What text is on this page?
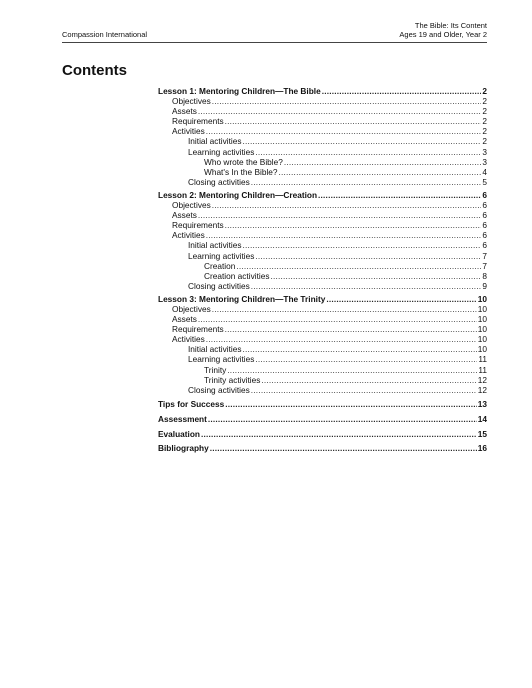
Compassion International
The Bible: Its Content
Ages 19 and Older, Year 2
Contents
Lesson 1: Mentoring Children—The Bible .....	2
Objectives .....	2
Assets .....	2
Requirements .....	2
Activities .....	2
Initial activities .....	2
Learning activities .....	3
Who wrote the Bible? .....	3
What's In the Bible? .....	4
Closing activities .....	5
Lesson 2: Mentoring Children—Creation .....	6
Objectives .....	6
Assets .....	6
Requirements .....	6
Activities .....	6
Initial activities .....	6
Learning activities .....	7
Creation .....	7
Creation activities .....	8
Closing activities .....	9
Lesson 3: Mentoring Children—The Trinity .....	10
Objectives .....	10
Assets .....	10
Requirements .....	10
Activities .....	10
Initial activities .....	10
Learning activities .....	11
Trinity .....	11
Trinity activities .....	12
Closing activities .....	12
Tips for Success .....	13
Assessment .....	14
Evaluation .....	15
Bibliography .....	16
